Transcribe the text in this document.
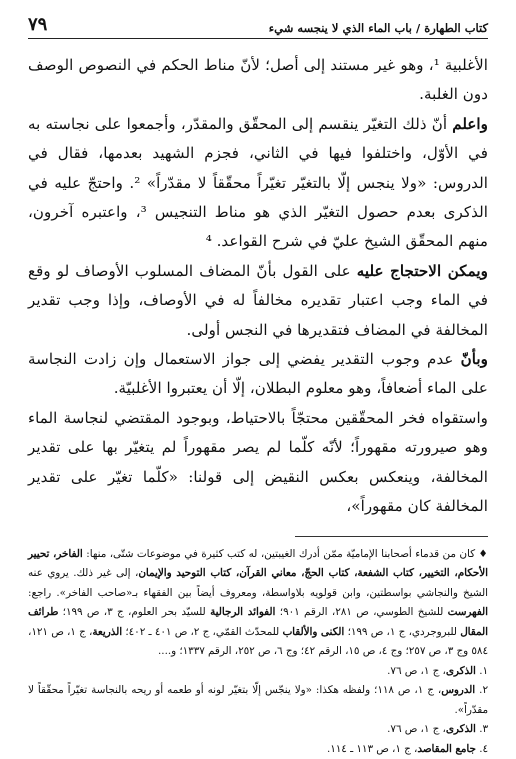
كتاب الطهارة / باب الماء الذي لا ينجسه شيء
٧٩

الأغلبية ¹، وهو غير مستند إلى أصل؛ لأنّ مناط الحكم في النصوص الوصف دون الغلبة.

واعلم أنّ ذلك التغيّر ينقسم إلى المحقّق والمقدّر، وأجمعوا على نجاسته به في الأوّل، واختلفوا فيها في الثاني، فجزم الشهيد بعدمها، فقال في الدروس: «ولا ينجس إلّا بالتغيّر تغيّراً محقّقاً لا مقدّراً» ². واحتجّ عليه في الذكرى بعدم حصول التغيّر الذي هو مناط التنجيس ³، واعتبره آخرون، منهم المحقّق الشيخ عليّ في شرح القواعد. ⁴

ويمكن الاحتجاج عليه على القول بأنّ المضاف المسلوب الأوصاف لو وقع في الماء وجب اعتبار تقديره مخالفاً له في الأوصاف، وإذا وجب تقدير المخالفة في المضاف فتقديرها في النجس أولى.

وبأنّ عدم وجوب التقدير يفضي إلى جواز الاستعمال وإن زادت النجاسة على الماء أضعافاً، وهو معلوم البطلان، إلّا أن يعتبروا الأغلبيّة.

واستقواه فخر المحقّقين محتجّاً بالاحتياط، وبوجود المقتضي لنجاسة الماء وهو صيرورته مقهوراً؛ لأنّه كلّما لم يصر مقهوراً لم يتغيّر بها على تقدير المخالفة، وينعكس بعكس النقيض إلى قولنا: «كلّما تغيّر على تقدير المخالفة كان مقهوراً»،

♦ كان من قدماء أصحابنا الإماميّة ممّن أدرك الغيبتين، له كتب كثيرة في موضوعات شتّى، منها: الفاخر، تحيير الأحكام، التخيير، كتاب الشفعة، كتاب الحجّ، معاني القرآن، كتاب التوحيد والإيمان، إلى غير ذلك. يروي عنه الشيخ والنجاشي بواسطتين، وابن قولويه بلاواسطة، ومعروف أيضاً بين الفقهاء بـ«صاحب الفاخر». راجع: الفهرست للشيخ الطوسي، ص ٢٨١، الرقم ٩٠١؛ الفوائد الرجالية للسيّد بحر العلوم، ج ٣، ص ١٩٩؛ طرائف المقال للبروجردي، ج ١، ص ١٩٩؛ الكنى والألقاب للمحدّث القمّي، ج ٢، ص ٤٠١ ـ ٤٠٢؛ الذريعة، ج ١، ص ١٢١، ٥٨٤ وج ٣، ص ٢٥٧؛ وج ٤، ص ١٥، الرقم ٤٢؛ وج ٦، ص ٢٥٢، الرقم ١٣٣٧؛ و....

١. الذكرى، ج ١، ص ٧٦.

٢. الدروس، ج ١، ص ١١٨؛ ولفظه هكذا: «ولا ينجّس إلّا بتغيّر لونه أو طعمه أو ريحه بالنجاسة تغيّراً محقّقاً لا مقدّراً».

٣. الذكرى، ج ١، ص ٧٦.

٤. جامع المقاصد، ج ١، ص ١١٣ ـ ١١٤.
